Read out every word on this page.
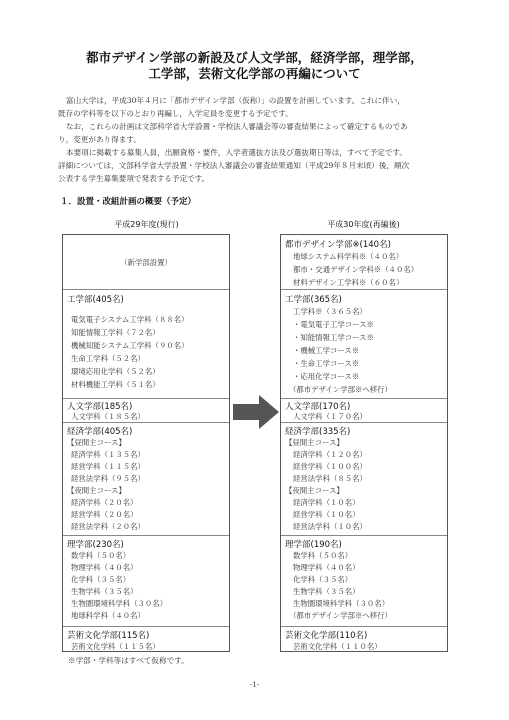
都市デザイン学部の新設及び人文学部，経済学部，理学部，
工学部，芸術文化学部の再編について
富山大学は，平成30年４月に「都市デザイン学部（仮称）」の設置を計画しています。これに伴い，
既存の学科等を以下のとおり再編し，入学定員を変更する予定です。
なお，これらの計画は文部科学省大学設置・学校法人審議会等の審査結果によって確定するものであ
り，変更があり得ます。
本要項に掲載する募集人員，出願資格・要件，入学者選抜方法及び選抜期日等は，すべて予定です。
詳細については，文部科学省大学設置・学校法人審議会の審査結果通知（平成29年８月末頃）後，順次
公表する学生募集要項で発表する予定です。
１．設置・改組計画の概要（予定）
平成29年度(現行)	平成30年度(再編後)
（新学部設置）
工学部(405名)
電気電子システム工学科（８８名）
知能情報工学科（７２名）
機械知能システム工学科（９０名）
生命工学科（５２名）
環境応用化学科（５２名）
材料機能工学科（５１名）
人文学部(185名)
人文学科（１８５名）
経済学部(405名)
【昼間主コース】
経済学科（１３５名）
経営学科（１１５名）
経営法学科（９５名）
【夜間主コース】
経済学科（２０名）
経営学科（２０名）
経営法学科（２０名）
理学部(230名)
数学科（５０名）
物理学科（４０名）
化学科（３５名）
生物学科（３５名）
生物圏環境科学科（３０名）
地球科学科（４０名）
芸術文化学部(115名)
芸術文化学科（１１５名）
都市デザイン学部※(140名)
地球システム科学科※（４０名）
都市・交通デザイン学科※（４０名）
材料デザイン工学科※（６０名）
工学部(365名)
工学科※（３６５名）
・電気電子工学コース※
・知能情報工学コース※
・機械工学コース※
・生命工学コース※
・応用化学コース※
（都市デザイン学部※へ移行）
人文学部(170名)
人文学科（１７０名）
経済学部(335名)
【昼間主コース】
経済学科（１２０名）
経営学科（１００名）
経営法学科（８５名）
【夜間主コース】
経済学科（１０名）
経営学科（１０名）
経営法学科（１０名）
理学部(190名)
数学科（５０名）
物理学科（４０名）
化学科（３５名）
生物学科（３５名）
生物圏環境科学科（３０名）
（都市デザイン学部※へ移行）
芸術文化学部(110名)
芸術文化学科（１１０名）
※学部・学科等はすべて仮称です。
-1-
